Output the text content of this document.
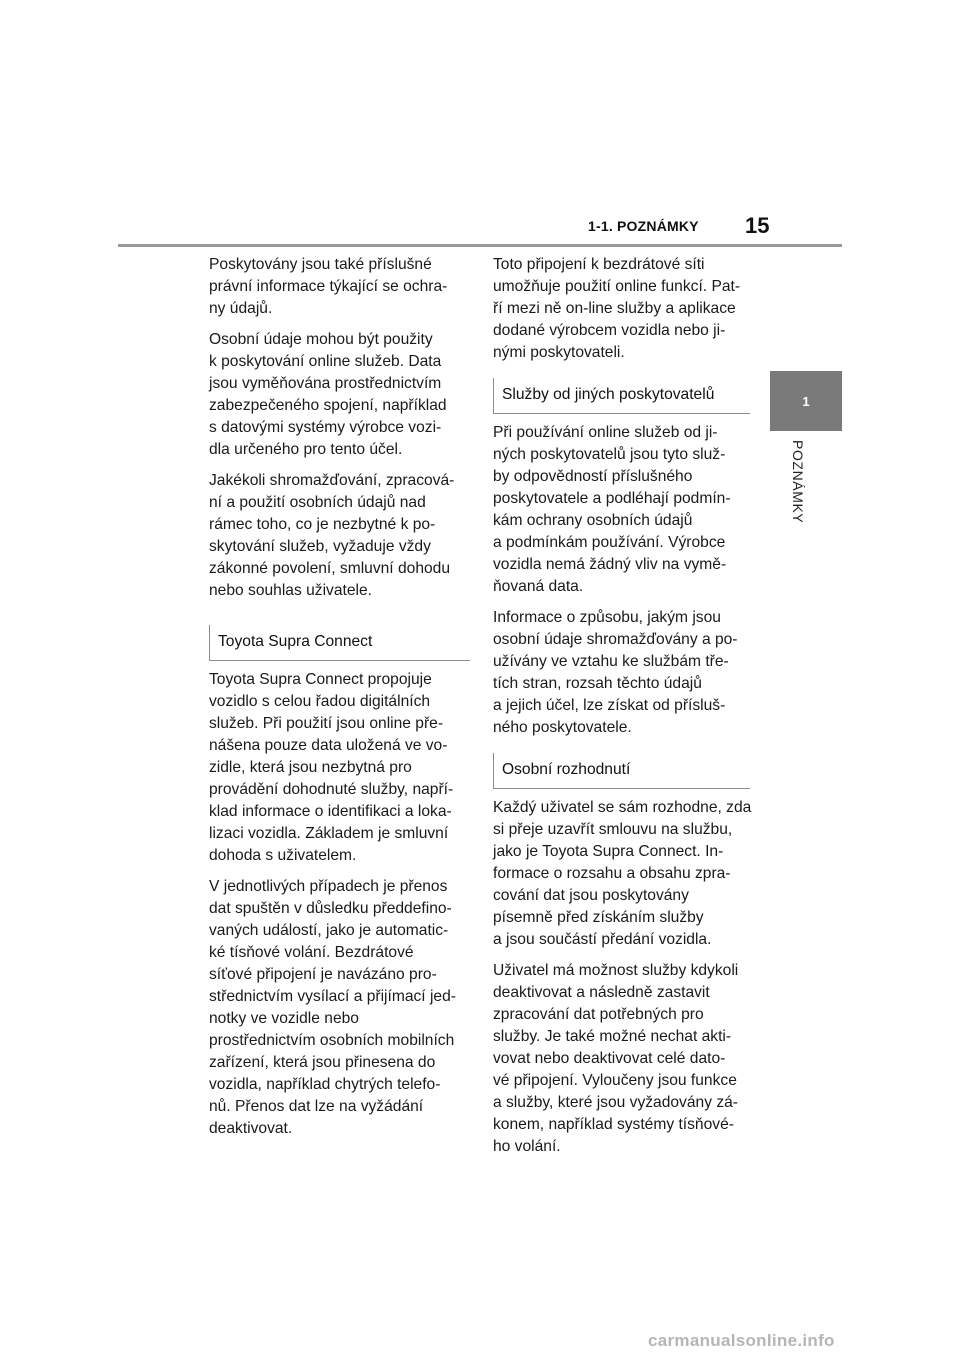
1-1. POZNÁMKY 15
1
POZNÁMKY
Poskytovány jsou také příslušné
právní informace týkající se ochra-
ny údajů.
Osobní údaje mohou být použity
k poskytování online služeb. Data
jsou vyměňována prostřednictvím
zabezpečeného spojení, například
s datovými systémy výrobce vozi-
dla určeného pro tento účel.
Jakékoli shromažďování, zpracová-
ní a použití osobních údajů nad
rámec toho, co je nezbytné k po-
skytování služeb, vyžaduje vždy
zákonné povolení, smluvní dohodu
nebo souhlas uživatele.
Toyota Supra Connect
Toyota Supra Connect propojuje
vozidlo s celou řadou digitálních
služeb. Při použití jsou online pře-
nášena pouze data uložená ve vo-
zidle, která jsou nezbytná pro
provádění dohodnuté služby, napří-
klad informace o identifikaci a loka-
lizaci vozidla. Základem je smluvní
dohoda s uživatelem.
V jednotlivých případech je přenos
dat spuštěn v důsledku předdefino-
vaných událostí, jako je automatic-
ké tísňové volání. Bezdrátové
síťové připojení je navázáno pro-
střednictvím vysílací a přijímací jed-
notky ve vozidle nebo
prostřednictvím osobních mobilních
zařízení, která jsou přinesena do
vozidla, například chytrých telefo-
nů. Přenos dat lze na vyžádání
deaktivovat.
Toto připojení k bezdrátové síti
umožňuje použití online funkcí. Pat-
ří mezi ně on-line služby a aplikace
dodané výrobcem vozidla nebo ji-
nými poskytovateli.
Služby od jiných poskytovatelů
Při používání online služeb od ji-
ných poskytovatelů jsou tyto služ-
by odpovědností příslušného
poskytovatele a podléhají podmín-
kám ochrany osobních údajů
a podmínkám používání. Výrobce
vozidla nemá žádný vliv na vymě-
ňovaná data.
Informace o způsobu, jakým jsou
osobní údaje shromažďovány a po-
užívány ve vztahu ke službám tře-
tích stran, rozsah těchto údajů
a jejich účel, lze získat od přísluš-
ného poskytovatele.
Osobní rozhodnutí
Každý uživatel se sám rozhodne, zda
si přeje uzavřít smlouvu na službu,
jako je Toyota Supra Connect. In-
formace o rozsahu a obsahu zpra-
cování dat jsou poskytovány
písemně před získáním služby
a jsou součástí předání vozidla.
Uživatel má možnost služby kdykoli
deaktivovat a následně zastavit
zpracování dat potřebných pro
služby. Je také možné nechat akti-
vovat nebo deaktivovat celé dato-
vé připojení. Vyloučeny jsou funkce
a služby, které jsou vyžadovány zá-
konem, například systémy tísňové-
ho volání.
carmanualsonline.info
